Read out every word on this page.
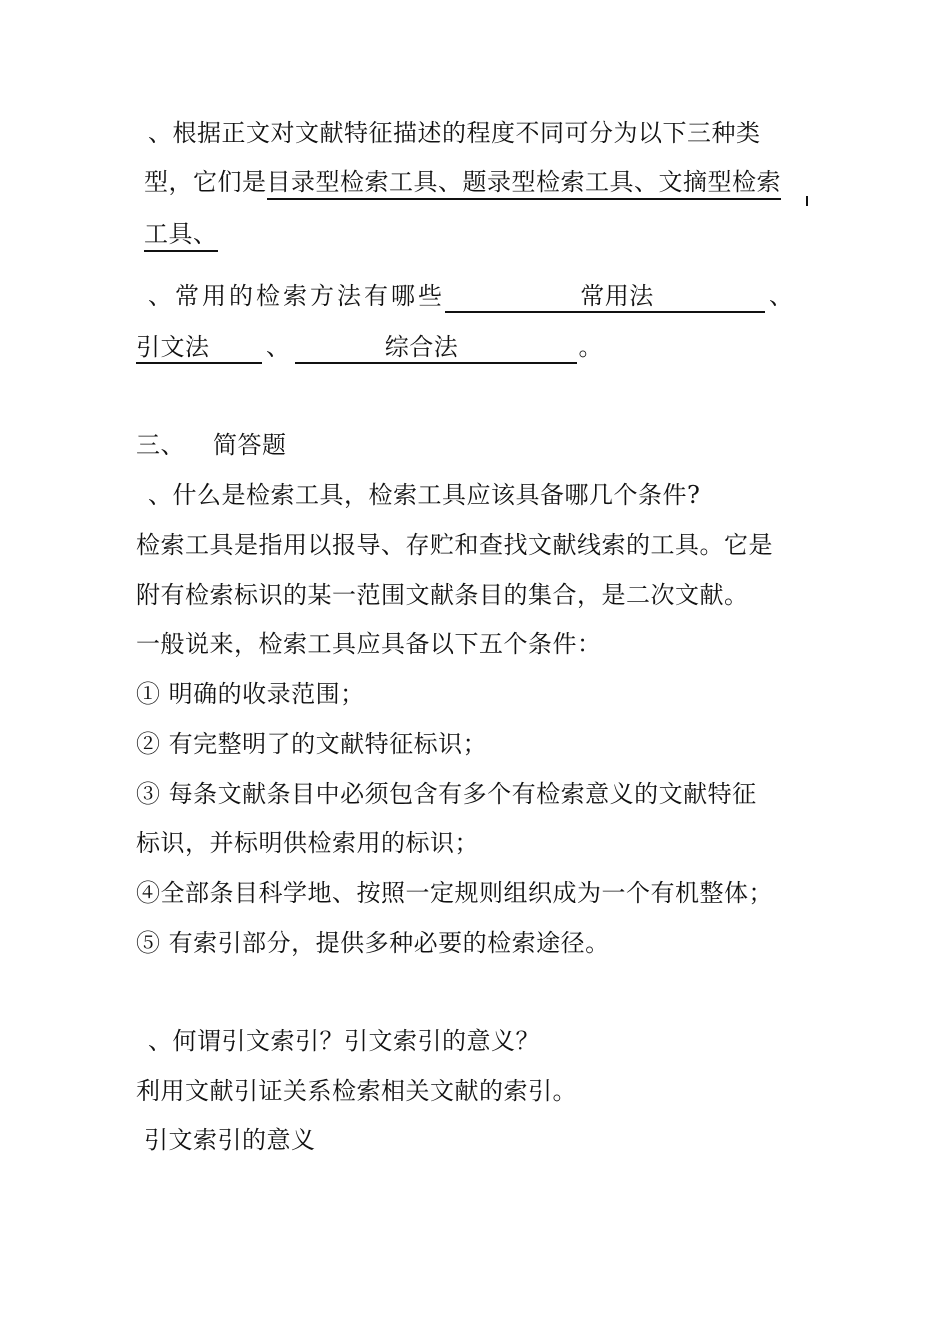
、根据正文对文献特征描述的程度不同可分为以下三种类
型，它们是目录型检索工具、题录型检索工具、文摘型检索
工具、
、常用的检索方法有哪些	常用法	、
引文法 、	综合法	。
三、 简答题
、什么是检索工具，检索工具应该具备哪几个条件?
检索工具是指用以报导、存贮和查找文献线索的工具。它是
附有检索标识的某一范围文献条目的集合，是二次文献。
一般说来，检索工具应具备以下五个条件：
① 明确的收录范围；
② 有完整明了的文献特征标识；
③ 每条文献条目中必须包含有多个有检索意义的文献特征
标识，并标明供检索用的标识；
④全部条目科学地、按照一定规则组织成为一个有机整体；
⑤ 有索引部分，提供多种必要的检索途径。
、何谓引文索引？引文索引的意义？
利用文献引证关系检索相关文献的索引。
引文索引的意义
